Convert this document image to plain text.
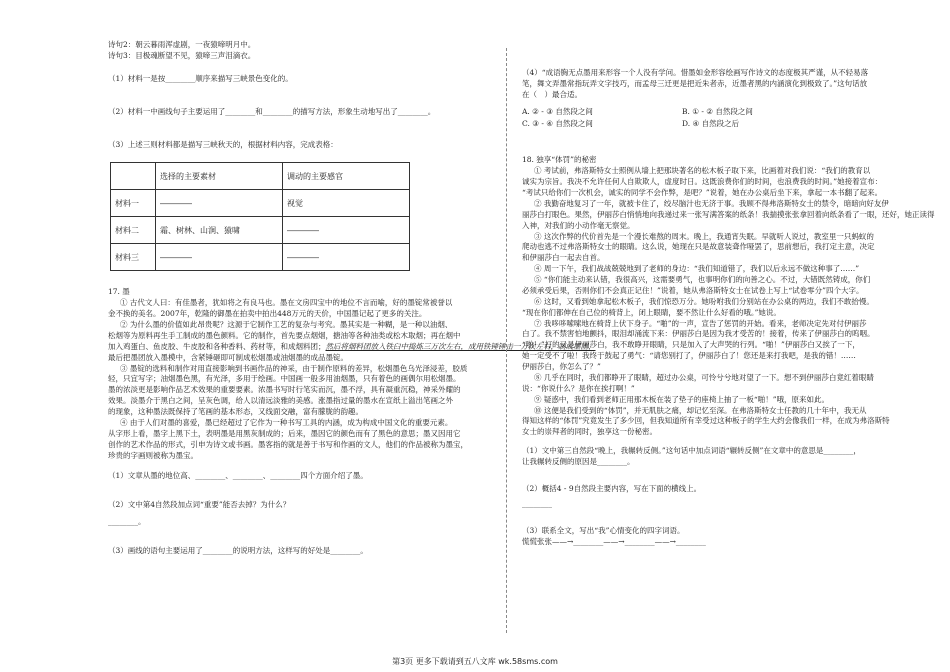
诗句2：朝云暮雨浑虚剧，一夜猿啼明月中。

诗句3：目极魂断望不见，猿啼三声泪滴衣。

（1）材料一是按________顺序来描写三峡景色变化的。

（2）材料一中画线句子主要运用了________和________的描写方法，形象生动地写出了________。

（3）上述三则材料都是描写三峡秋天的，根据材料内容，完成表格：

	选择的主要素材	调动的主要感官
材料一	————	视觉
材料二	霜、树林、山涧、猿啸	————
材料三	————	————

17. 墨

① 古代文人曰：有佳墨者，犹如将之有良马也。墨在文房四宝中的地位不言而喻，好的墨锭常被誉以

金不换的美名。2007年，乾隆的御墨在拍卖中拍出448万元的天价，中国墨记起了更多的关注。

② 为什么墨的价值如此昂贵呢？这源于它制作工艺的复杂与考究。墨其实是一种糊，是一种以油烟、

松烟等为原料再生手工制成的墨色颜料。它的制作，首先要点烟烟，搪油等各种油类或松木取烟；再在烟中

加入鸡蛋白、鱼皮胶、牛皮胶和各种香料、药材等，和成烟料团；然后将烟料团放入铁臼中捣炼三万次左右，成用铁锤锤击一万次左右，制成墨团，

最后把墨团放入墨模中，含紧锤砸即可制成松烟墨或油烟墨的成品墨锭。

③ 墨锭的选料和制作对用直接影响到书画作品的神采，由于制作原料的差异，松烟墨色乌光泽浸差，胶质

轻，只宜写字；油烟墨色黑，有光泽，多用于绘画。中国画一般多用油烟墨，只有着色的画偶尔用松烟墨。

墨的浓淡更是影响作品艺术效果的重要要素。浓墨书写时行笔实而沉，墨不浮，具有凝重沉稳，神采外耀的

效果。淡墨介于黑白之间，呈灰色调，给人以清远淡雅的美感。涨墨指过量的墨水在宣纸上溢出笔画之外

的现象，这种墨法既保持了笔画的基本形态，又线面交融，富有朦胧的韵趣。

④ 由于人们对墨的喜爱，墨已经超过了它作为一种书写工具的内涵，成为构成中国文化的重要元素。

从字形上看，墨字上黑下土，表明墨是用黑灰制成的；后来，墨因它的颜色而有了黑色的意思；墨又因用它

创作的艺术作品的形式，引申为诗文或书画。墨客指的就是善于书写和作画的文人，他们的作品被称为墨宝，

珍贵的字画则被称为墨宝。

（1）文章从墨的地位高、________、________、________四个方面介绍了墨。

（2）文中第4自然段加点词“重要”能否去掉？为什么？

________。

（3）画线的语句主要运用了________的说明方法，这样写的好处是________。

（4）“成语胸无点墨用来形容一个人没有学问。惜墨如金形容绘画写作诗文的态度极其严谨，从不轻易落

笔，舞文弄墨常指玩弄文字技巧，而孟母三迁更是把近朱者赤，近墨者黑的内涵演化到极致了。”这句话放

在（　）最合适。

A. ② - ③ 自然段之间	B. ① - ② 自然段之间
C. ③ - ④ 自然段之间	D. ④ 自然段之后

18. 独享“体罚”的秘密

① 考试前，弗洛斯特女士照例从墙上把那块著名的松木板子取下来，比画着对我们说：“我们的教育以

诚实为宗旨。我决不允许任何人自欺欺人，虚度时日。这既浪费你们的时间，也浪费我的时间。”她接着宣布：

“考试只给你们一次机会，诚实的同学不会作弊，是吧？”说着，她在办公桌后坐下来，拿起一本书翻了起来。

② 我勤奋地复习了一年，就被卡住了，绞尽脑汁也无济于事。我顾不得弗洛斯特女士的禁令，暗暗向好友伊

丽莎白打眼色。果然，伊丽莎白悄悄地向我递过来一张写满答案的纸条！我揣摸张张拿回着向纸条看了一眼，还好，她正读得

入神，对我们的小动作毫无察觉。

③ 这次作弊的代价首先是一个漫长难熬的周末。晚上，我通宵失眠。早就听人说过，教室里一只蚂蚁的

爬动也逃不过弗洛斯特女士的眼睛。这么说，她现在只是故意装聋作哑罢了，思前想后，我打定主意，决定

和伊丽莎白一起去自首。

④ 周一下午，我们战战兢兢地到了老师的身边：“我们知道错了，我们以后永远不做这种事了……”

⑤ “你们能主动来认错，我很高兴，这需要勇气，也事明你们的向善之心。不过，大错既然铸成，你们

必须承受后果，否则你们不会真正记住！”说着，她从弗洛斯特女士在试卷上写上“试卷零分”四个大字。

⑥ 这时，又看到她拿起松木板子，我们惊恐万分。她吩咐我们分别站在办公桌的两边，我们不敢抬慢。

“现在你们都伸在自己位的椅背上，闭上眼睛，要不然让什么好看的哦。”她说。

⑦ 我哆哆嗦嗦地在椅背上伏下身子。“啪”的一声，宣告了惩罚的开始。看来，老师决定先对付伊丽莎

白了。我不禁害怕地颤抖，眼泪却涌流下来：伊丽莎白是因为我才受苦的！接着，传来了伊丽莎白的呜咽。

“啪！”打的又是伊丽莎白，我不敢睁开眼睛，只是加入了大声哭的行列。“啪！”伊丽莎白又挨了一下，

她一定受不了啦！我终于鼓起了勇气：“请您别打了，伊丽莎白了！您还是来打我吧，是我的错！……

伊丽莎白，你怎么了？”

⑧ 几乎在同时，我们都睁开了眼睛，超过办公桌，可怜兮兮地对望了一下。想不到伊丽莎白竟红着眼睛

说：“你说什么？是你在挨打啊！”

⑨ 疑惑中，我们看到老师正用那木板在装了垫子的座椅上抽了一板“啪！”哦，原来如此。

⑩ 这便是我们受到的“体罚”，并无肌肤之痛，却记忆至深。在弗洛斯特女士任教的几十年中，我无从

得知这样的“体罚”究竟发生了多少回，但我知道所有幸受过这种板子的学生大约会像我们一样，在成为弗洛斯特

女士的崇拜者的同时，独享这一份秘密。

（1）文中第三自然段“晚上，我辗转反侧。”这句话中加点词语“辗转反侧”在文章中的意思是________，

让我辗转反侧的原因是________。

（2）概括4 - 9自然段主要内容，写在下面的横线上。

________

（3）联系全文，写出“我”心情变化的四字词语。

慌慌张张——→________——→________——→________

第3页 更多下载请到五八文库 wk.58sms.com
